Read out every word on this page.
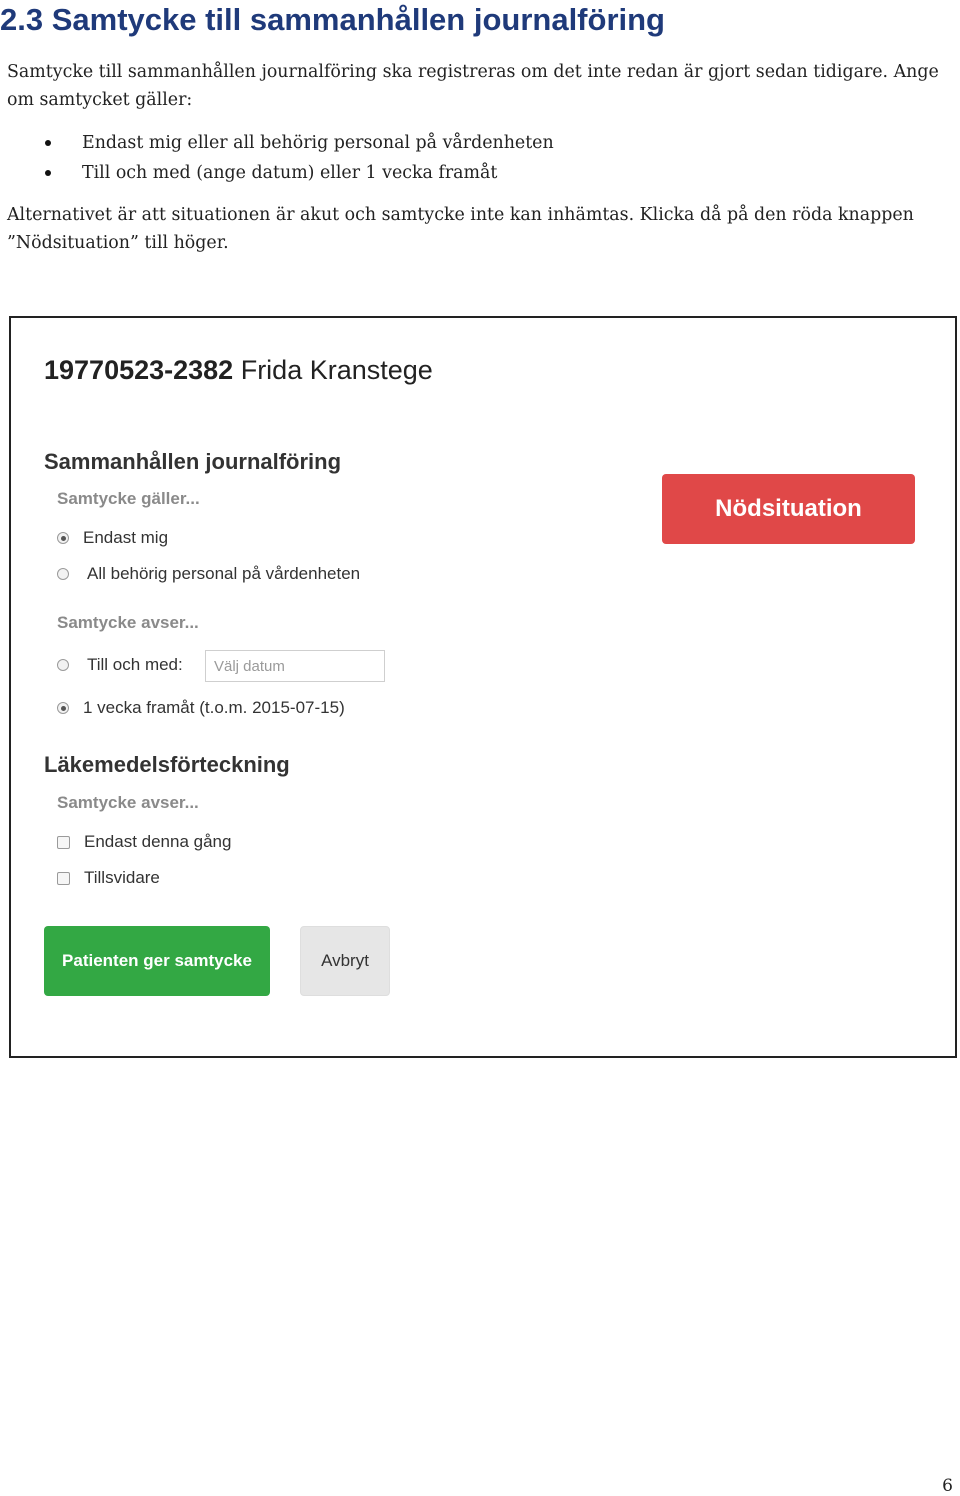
2.3 Samtycke till sammanhållen journalföring

Samtycke till sammanhållen journalföring ska registreras om det inte redan är gjort sedan tidigare. Ange om samtycket gäller:

Endast mig eller all behörig personal på vårdenheten
Till och med (ange datum) eller 1 vecka framåt

Alternativet är att situationen är akut och samtycke inte kan inhämtas. Klicka då på den röda knappen ”Nödsituation” till höger.

19770523-2382 Frida Kranstege
Sammanhållen journalföring
Samtycke gäller...
Endast mig
All behörig personal på vårdenheten
Samtycke avser...
Till och med:
Välj datum
1 vecka framåt (t.o.m. 2015-07-15)
Läkemedelsförteckning
Samtycke avser...
Endast denna gång
Tillsvidare
Nödsituation
Patienten ger samtycke	Avbryt
6
